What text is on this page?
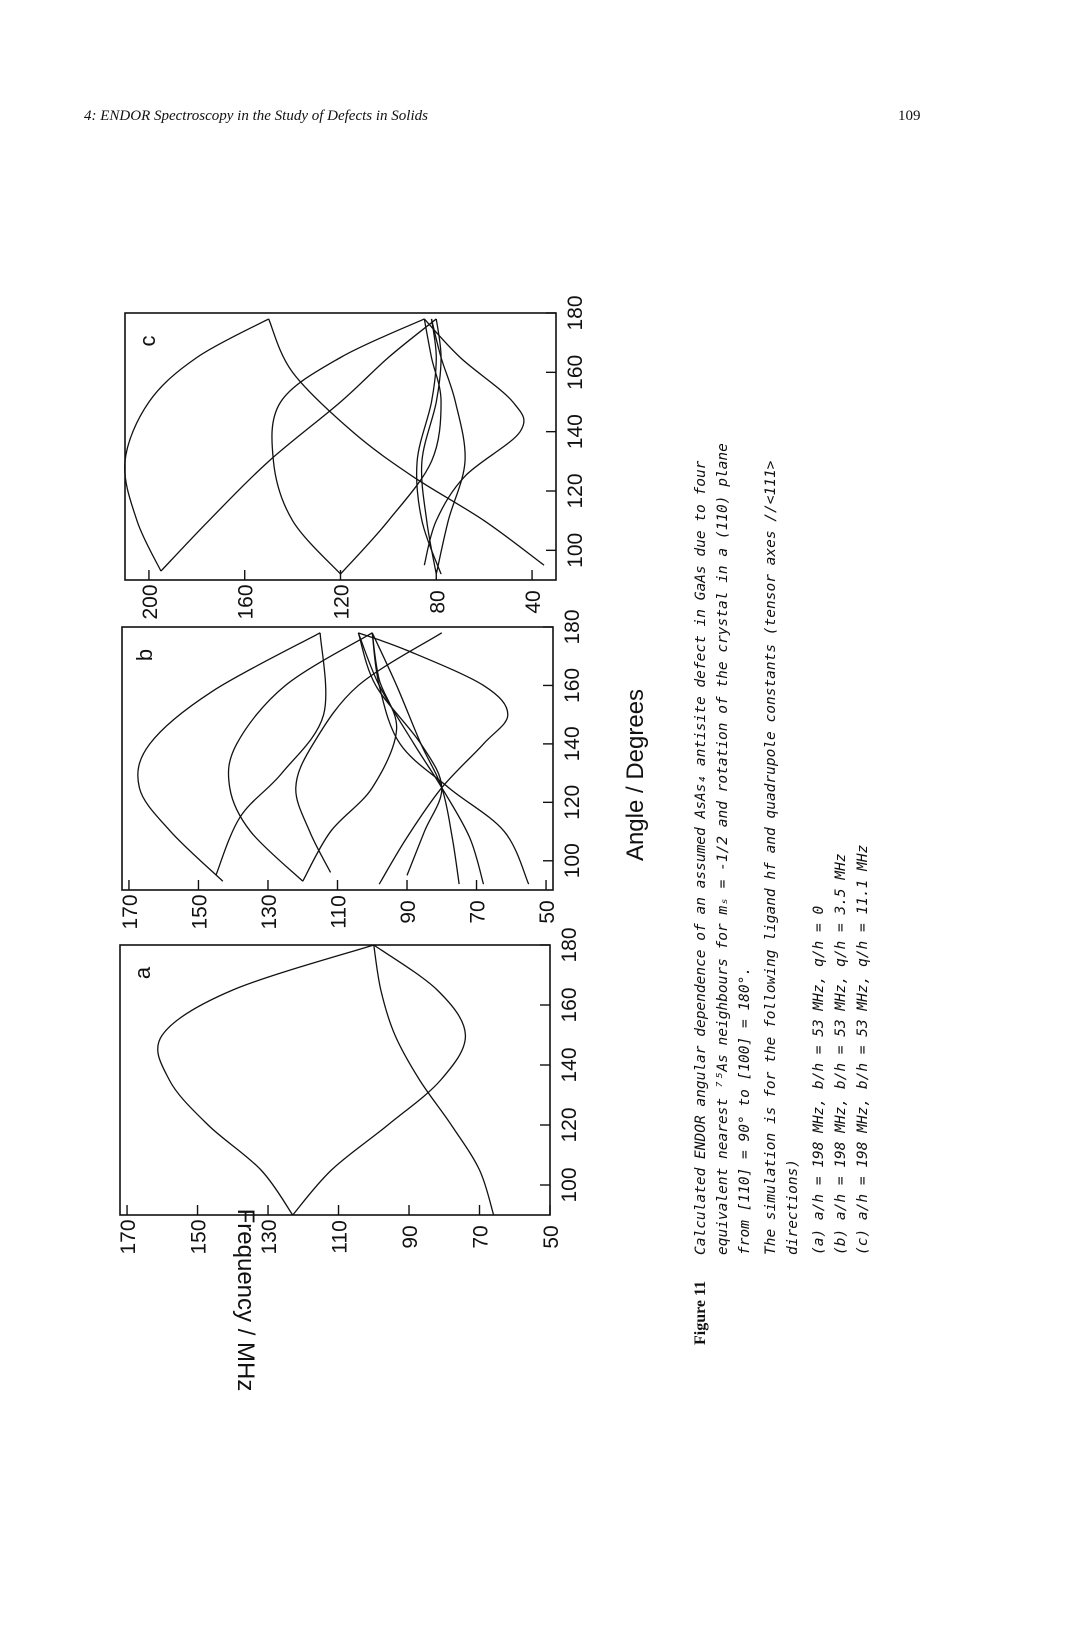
4: ENDOR Spectroscopy in the Study of Defects in Solids	109
50
70
90
110
130
150
170
100
120
140
160
180
a
50
70
90
110
130
150
170
100
120
140
160
180
b
40
80
120
160
200
100
120
140
160
180
c
Frequency / MHz
Angle / Degrees
Figure 11
Calculated ENDOR angular dependence of an assumed AsAs₄ antisite defect in GaAs due to four equivalent nearest ⁷⁵As neighbours for mₛ = -1/2 and rotation of the crystal in a (110) plane from [110] = 90° to [100] = 180°. The simulation is for the following ligand hf and quadrupole constants (tensor axes //<111> directions) (a) a/h = 198 MHz, b/h = 53 MHz, q/h = 0 (b) a/h = 198 MHz, b/h = 53 MHz, q/h = 3.5 MHz (c) a/h = 198 MHz, b/h = 53 MHz, q/h = 11.1 MHz
